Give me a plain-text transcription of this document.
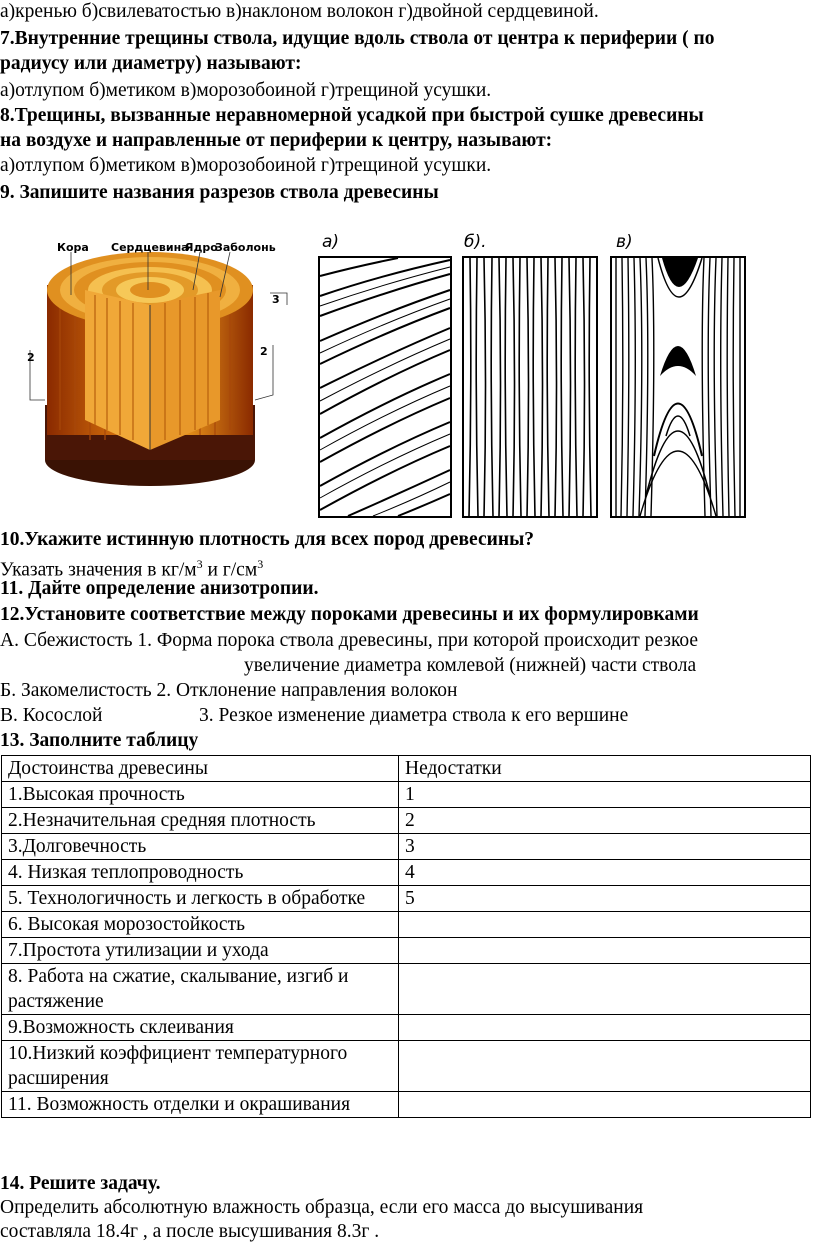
а)кренью б)свилеватостью в)наклоном волокон г)двойной сердцевиной.
7.Внутренние трещины ствола, идущие вдоль ствола от центра к периферии ( по
радиусу или диаметру) называют:
а)отлупом б)метиком в)морозобоиной г)трещиной усушки.
8.Трещины, вызванные неравномерной усадкой при быстрой сушке древесины
на воздухе и направленные от периферии к центру, называют:
а)отлупом б)метиком в)морозобоиной г)трещиной усушки.
9. Запишите названия разрезов ствола древесины
Кора Сердцевина
Ядро
Заболонь
2
3
2
а)	б).	в)
10.Укажите истинную плотность для всех пород древесины?
Указать значения в $кг/м^3$ и $г/см^3$
11. Дайте определение анизотропии.
12.Установите соответствие между пороками древесины и их формулировками
А. Сбежистость 1. Форма порока ствола древесины, при которой происходит резкое
увеличение диаметра комлевой (нижней) части ствола
Б. Закомелистость 2. Отклонение направления волокон
В. Косослой	3. Резкое изменение диаметра ствола к его вершине
13. Заполните таблицу
Достоинства древесины	Недостатки
1.Высокая прочность	1
2.Незначительная средняя плотность	2
3.Долговечность	3
4. Низкая теплопроводность	4
5. Технологичность и легкость в обработке	5
6. Высокая морозостойкость	
7.Простота утилизации и ухода	
8. Работа на сжатие, скалывание, изгиб и растяжение	
9.Возможность склеивания	
10.Низкий коэффициент температурного расширения	
11. Возможность отделки и окрашивания	
14. Решите задачу.
Определить абсолютную влажность образца, если его масса до высушивания
составляла 18.4г , а после высушивания 8.3г .
